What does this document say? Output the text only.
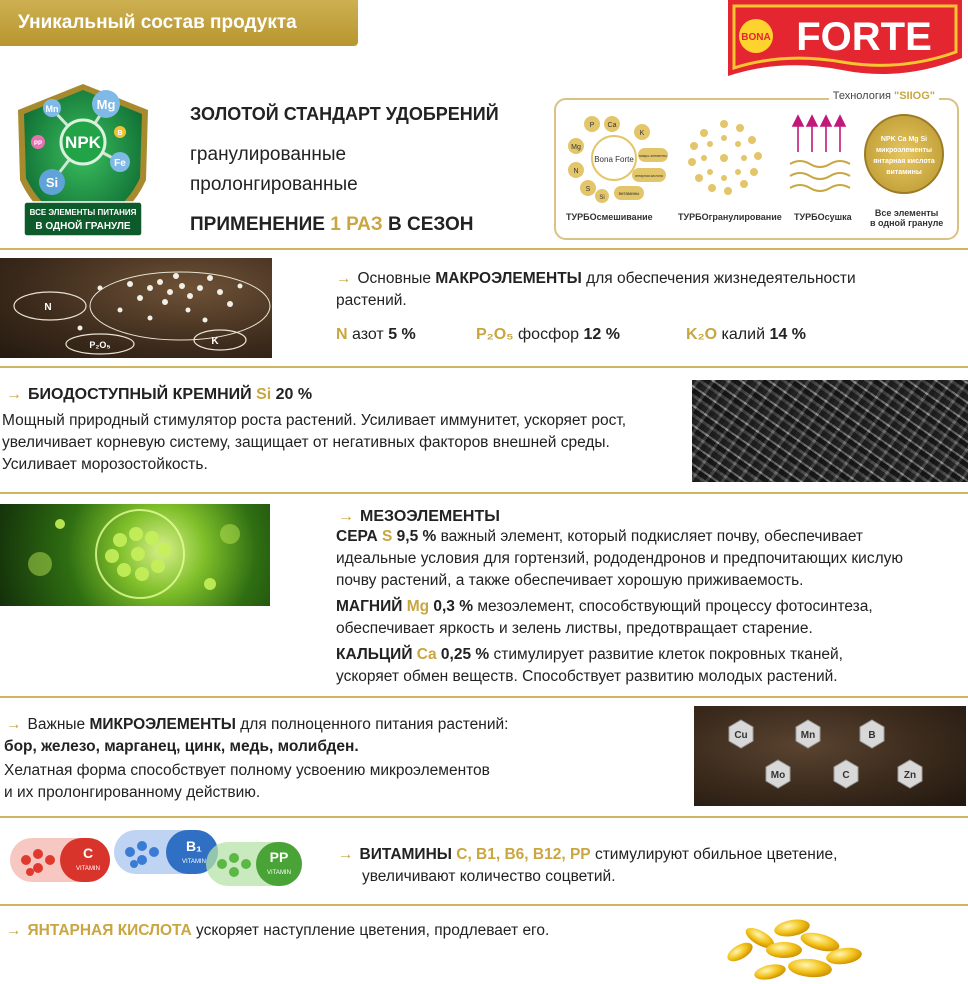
Уникальный состав продукта
BONA FORTE
NPK
Mn	Mg
Si
Fe
PP
B
ВСЕ ЭЛЕМЕНТЫ ПИТАНИЯ
В ОДНОЙ ГРАНУЛЕ
ЗОЛОТОЙ СТАНДАРТ УДОБРЕНИЙ
гранулированные
пролонгированные
ПРИМЕНЕНИЕ 1 РАЗ В СЕЗОН
Технология "SIIOG"
Bona Forte
P Ca
K
Mg
N
S
Si
микро-элементы
янтарная кислота
витамины
NPK Ca Mg Si
микроэлементы
янтарная кислота
витамины
ТУРБОсмешивание	ТУРБОгранулирование ТУРБОсушка	Все элементы
в одной грануле
N
P₂O₅	K
→ Основные МАКРОЭЛЕМЕНТЫ для обеспечения жизнедеятельности
растений.
N азот 5 %	P₂O₅ фосфор 12 %	K₂O калий 14 %
→ БИОДОСТУПНЫЙ КРЕМНИЙ Si 20 %
Мощный природный стимулятор роста растений. Усиливает иммунитет, ускоряет рост,
увеличивает корневую систему, защищает от негативных факторов внешней среды.
Усиливает морозостойкость.
→ МЕЗОЭЛЕМЕНТЫ
СЕРА S 9,5 % важный элемент, который подкисляет почву, обеспечивает
идеальные условия для гортензий, рододендронов и предпочитающих кислую
почву растений, а также обеспечивает хорошую приживаемость.
МАГНИЙ Mg 0,3 % мезоэлемент, способствующий процессу фотосинтеза,
обеспечивает яркость и зелень листвы, предотвращает старение.
КАЛЬЦИЙ Ca 0,25 % стимулирует развитие клеток покровных тканей,
ускоряет обмен веществ. Способствует развитию молодых растений.
→ Важные МИКРОЭЛЕМЕНТЫ для полноценного питания растений:
бор, железо, марганец, цинк, медь, молибден.
Хелатная форма способствует полному усвоению микроэлементов
и их пролонгированному действию.
Cu	Mn	B
Mo	C	Zn
C
VITAMIN
B₁
VITAMIN	PP
VITAMIN
→ ВИТАМИНЫ C, B1, B6, B12, PP стимулируют обильное цветение,
увеличивают количество соцветий.
→ ЯНТАРНАЯ КИСЛОТА ускоряет наступление цветения, продлевает его.
